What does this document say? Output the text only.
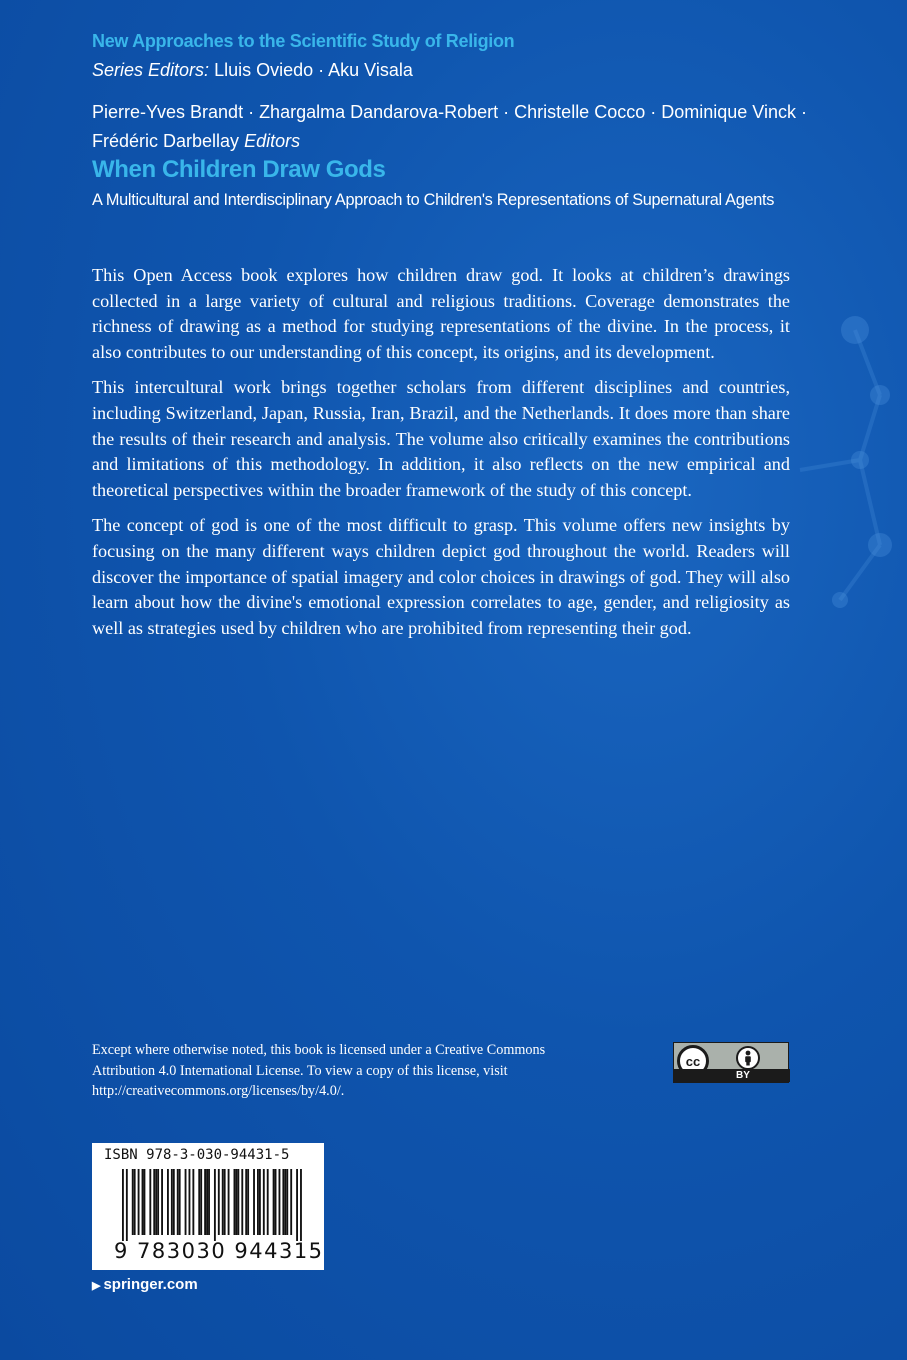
New Approaches to the Scientific Study of Religion
Series Editors: Lluis Oviedo · Aku Visala
Pierre-Yves Brandt · Zhargalma Dandarova-Robert · Christelle Cocco · Dominique Vinck ·
Frédéric Darbellay Editors
When Children Draw Gods
A Multicultural and Interdisciplinary Approach to Children's Representations of Supernatural Agents

This Open Access book explores how children draw god. It looks at children’s drawings collected in a large variety of cultural and religious traditions. Coverage demonstrates the richness of drawing as a method for studying representations of the divine. In the process, it also contributes to our understanding of this concept, its origins, and its development.

This intercultural work brings together scholars from different disciplines and countries, including Switzerland, Japan, Russia, Iran, Brazil, and the Netherlands. It does more than share the results of their research and analysis. The volume also critically examines the contributions and limitations of this methodology. In addition, it also reflects on the new empirical and theoretical perspectives within the broader framework of the study of this concept.

The concept of god is one of the most difficult to grasp. This volume offers new insights by focusing on the many different ways children depict god throughout the world. Readers will discover the importance of spatial imagery and color choices in drawings of god. They will also learn about how the divine's emotional expression correlates to age, gender, and religiosity as well as strategies used by children who are prohibited from representing their god.

Except where otherwise noted, this book is licensed under a Creative Commons Attribution 4.0 International License. To view a copy of this license, visit http://creativecommons.org/licenses/by/4.0/.
cc
BY
ISBN 978-3-030-94431-5
9 783030 944315
▶ springer.com
